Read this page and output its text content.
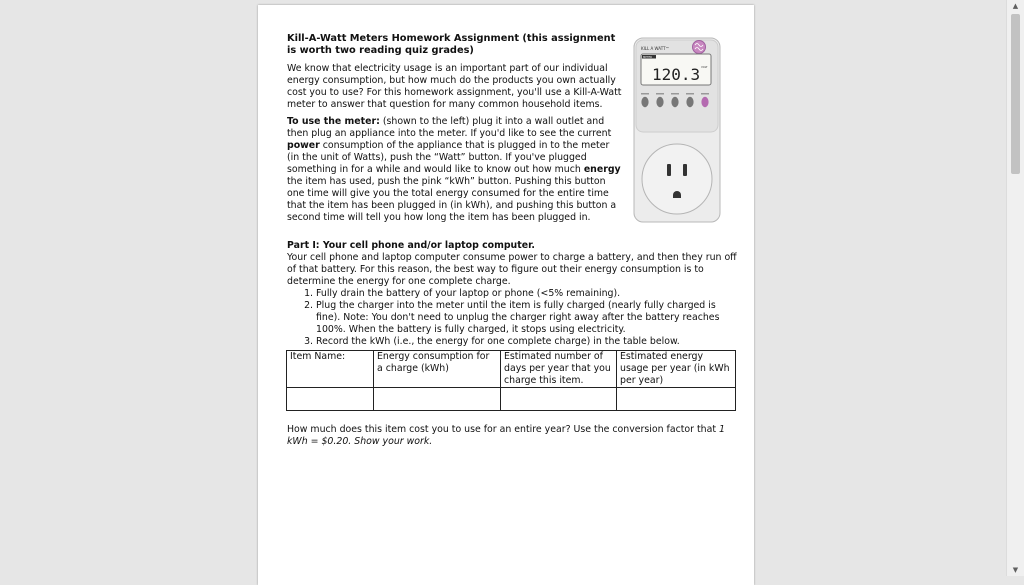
Kill-A-Watt Meters Homework Assignment (this assignment is worth two reading quiz grades)

We know that electricity usage is an important part of our individual energy consumption, but how much do the products you own actually cost you to use? For this homework assignment, you'll use a Kill-A-Watt meter to answer that question for many common household items.

To use the meter: (shown to the left) plug it into a wall outlet and then plug an appliance into the meter. If you'd like to see the current power consumption of the appliance that is plugged in to the meter (in the unit of Watts), push the “Watt” button. If you've plugged something in for a while and would like to know out how much energy the item has used, push the pink “kWh” button. Pushing this button one time will give you the total energy consumed for the entire time that the item has been plugged in (in kWh), and pushing this button a second time will tell you how long the item has been plugged in.

Part I: Your cell phone and/or laptop computer.

Your cell phone and laptop computer consume power to charge a battery, and then they run off of that battery. For this reason, the best way to figure out their energy consumption is to determine the energy for one complete charge.

1. Fully drain the battery of your laptop or phone (<5% remaining).
2. Plug the charger into the meter until the item is fully charged (nearly fully charged is fine). Note: You don't need to unplug the charger right away after the battery reaches 100%. When the battery is fully charged, it stops using electricity.
3. Record the kWh (i.e., the energy for one complete charge) in the table below.
Item Name:	Energy consumption for a charge (kWh)	Estimated number of days per year that you charge this item.	Estimated energy usage per year (in kWh per year)

How much does this item cost you to use for an entire year? Use the conversion factor that 1 kWh = $0.20. Show your work.

KILL A WATT™
METER
120.3 VOLT
▲
▼
